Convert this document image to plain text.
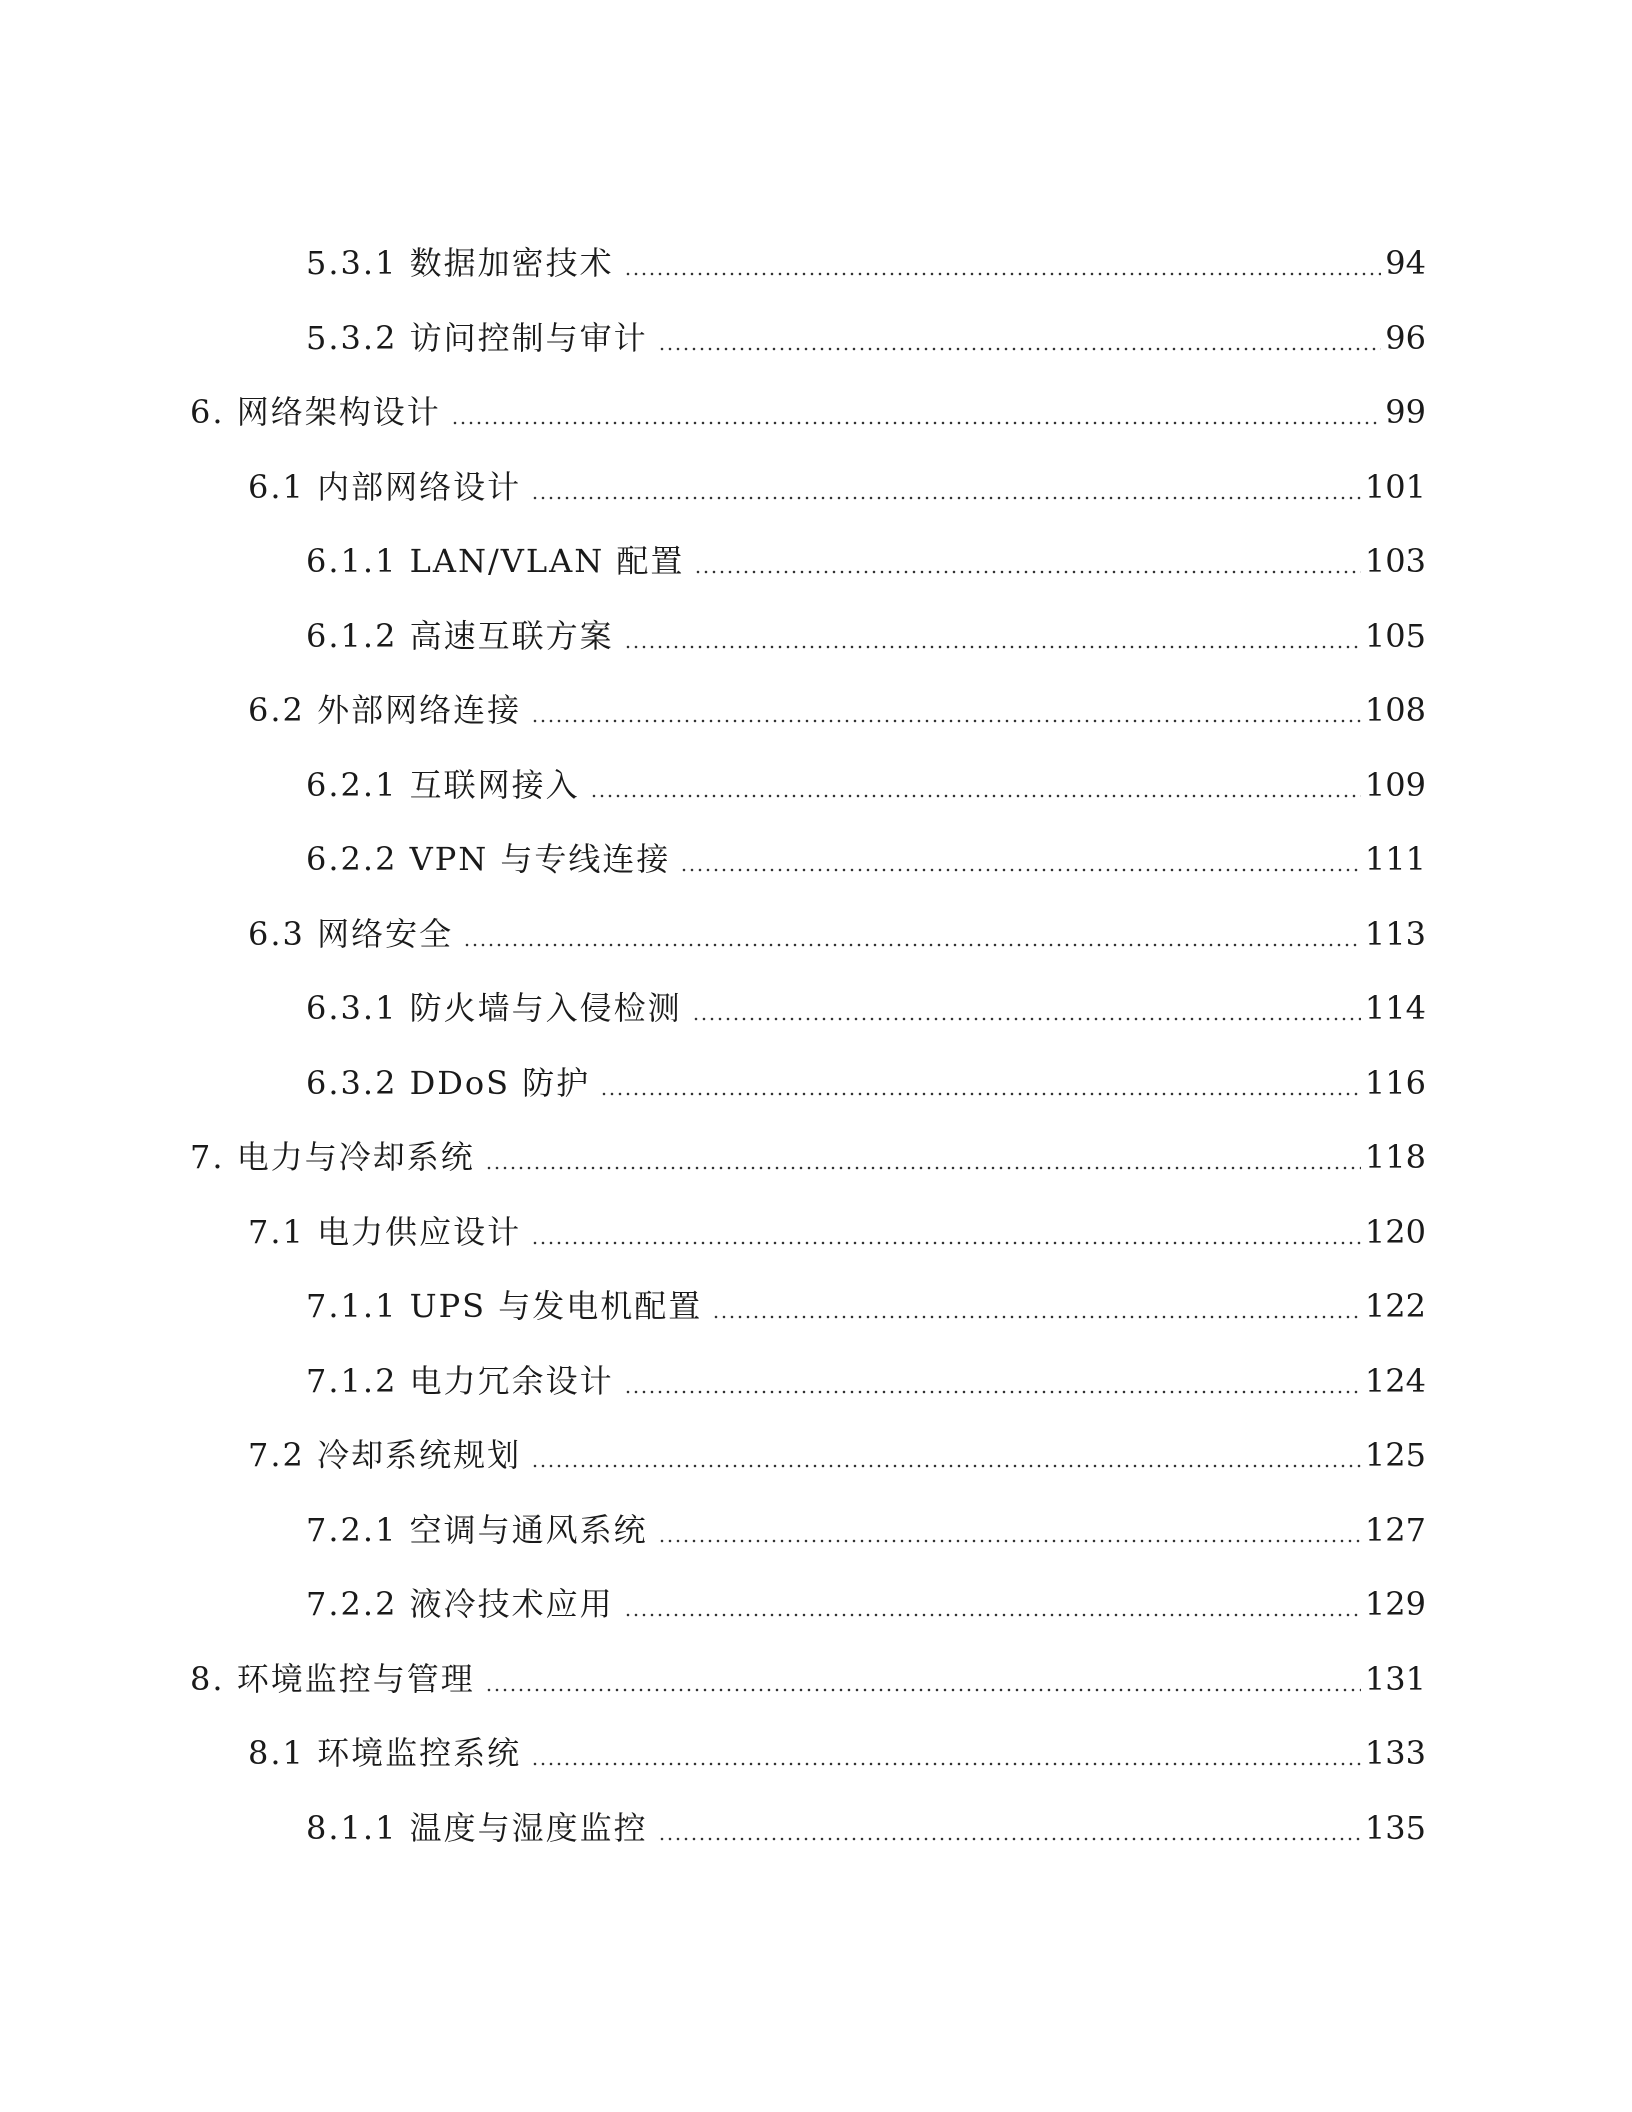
5.3.1 数据加密技术	94
5.3.2 访问控制与审计	96
6. 网络架构设计	99
6.1 内部网络设计	101
6.1.1 LAN/VLAN 配置	103
6.1.2 高速互联方案	105
6.2 外部网络连接	108
6.2.1 互联网接入	109
6.2.2 VPN 与专线连接	111
6.3 网络安全	113
6.3.1 防火墙与入侵检测	114
6.3.2 DDoS 防护	116
7. 电力与冷却系统	118
7.1 电力供应设计	120
7.1.1 UPS 与发电机配置	122
7.1.2 电力冗余设计	124
7.2 冷却系统规划	125
7.2.1 空调与通风系统	127
7.2.2 液冷技术应用	129
8. 环境监控与管理	131
8.1 环境监控系统	133
8.1.1 温度与湿度监控	135
